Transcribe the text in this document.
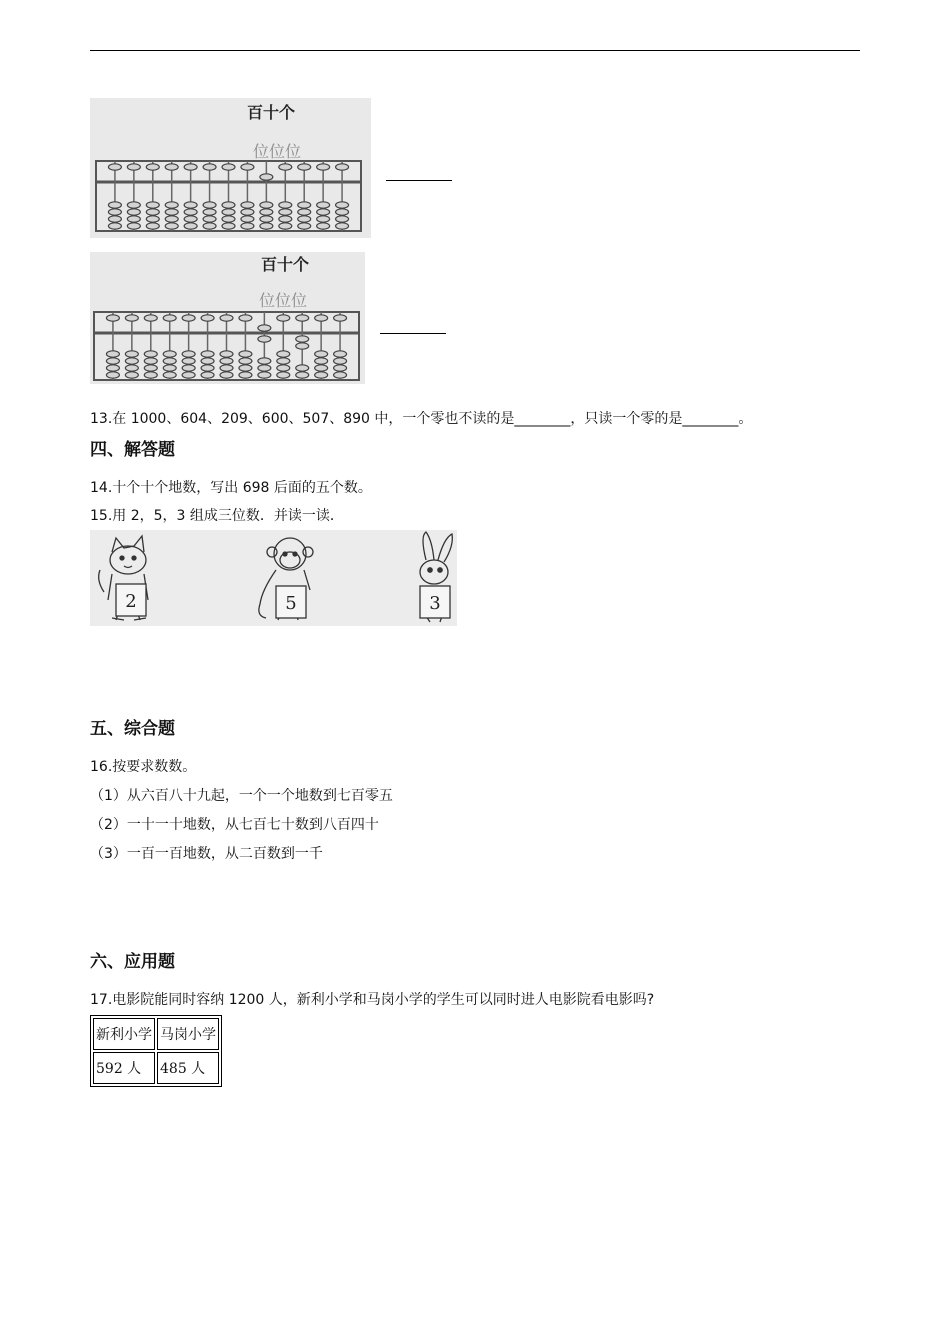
百十个
位位位
百十个
位位位
13.在 1000、604、209、600、507、890 中，一个零也不读的是________，只读一个零的是________。
四、解答题
14.十个十个地数，写出 698 后面的五个数。
15.用 2，5，3 组成三位数．并读一读．
2	5	3
五、综合题
16.按要求数数。
（1）从六百八十九起，一个一个地数到七百零五
（2）一十一十地数，从七百七十数到八百四十
（3）一百一百地数，从二百数到一千
六、应用题
17.电影院能同时容纳 1200 人，新利小学和马岗小学的学生可以同时进人电影院看电影吗?
新利小学	马岗小学
592 人	485 人
